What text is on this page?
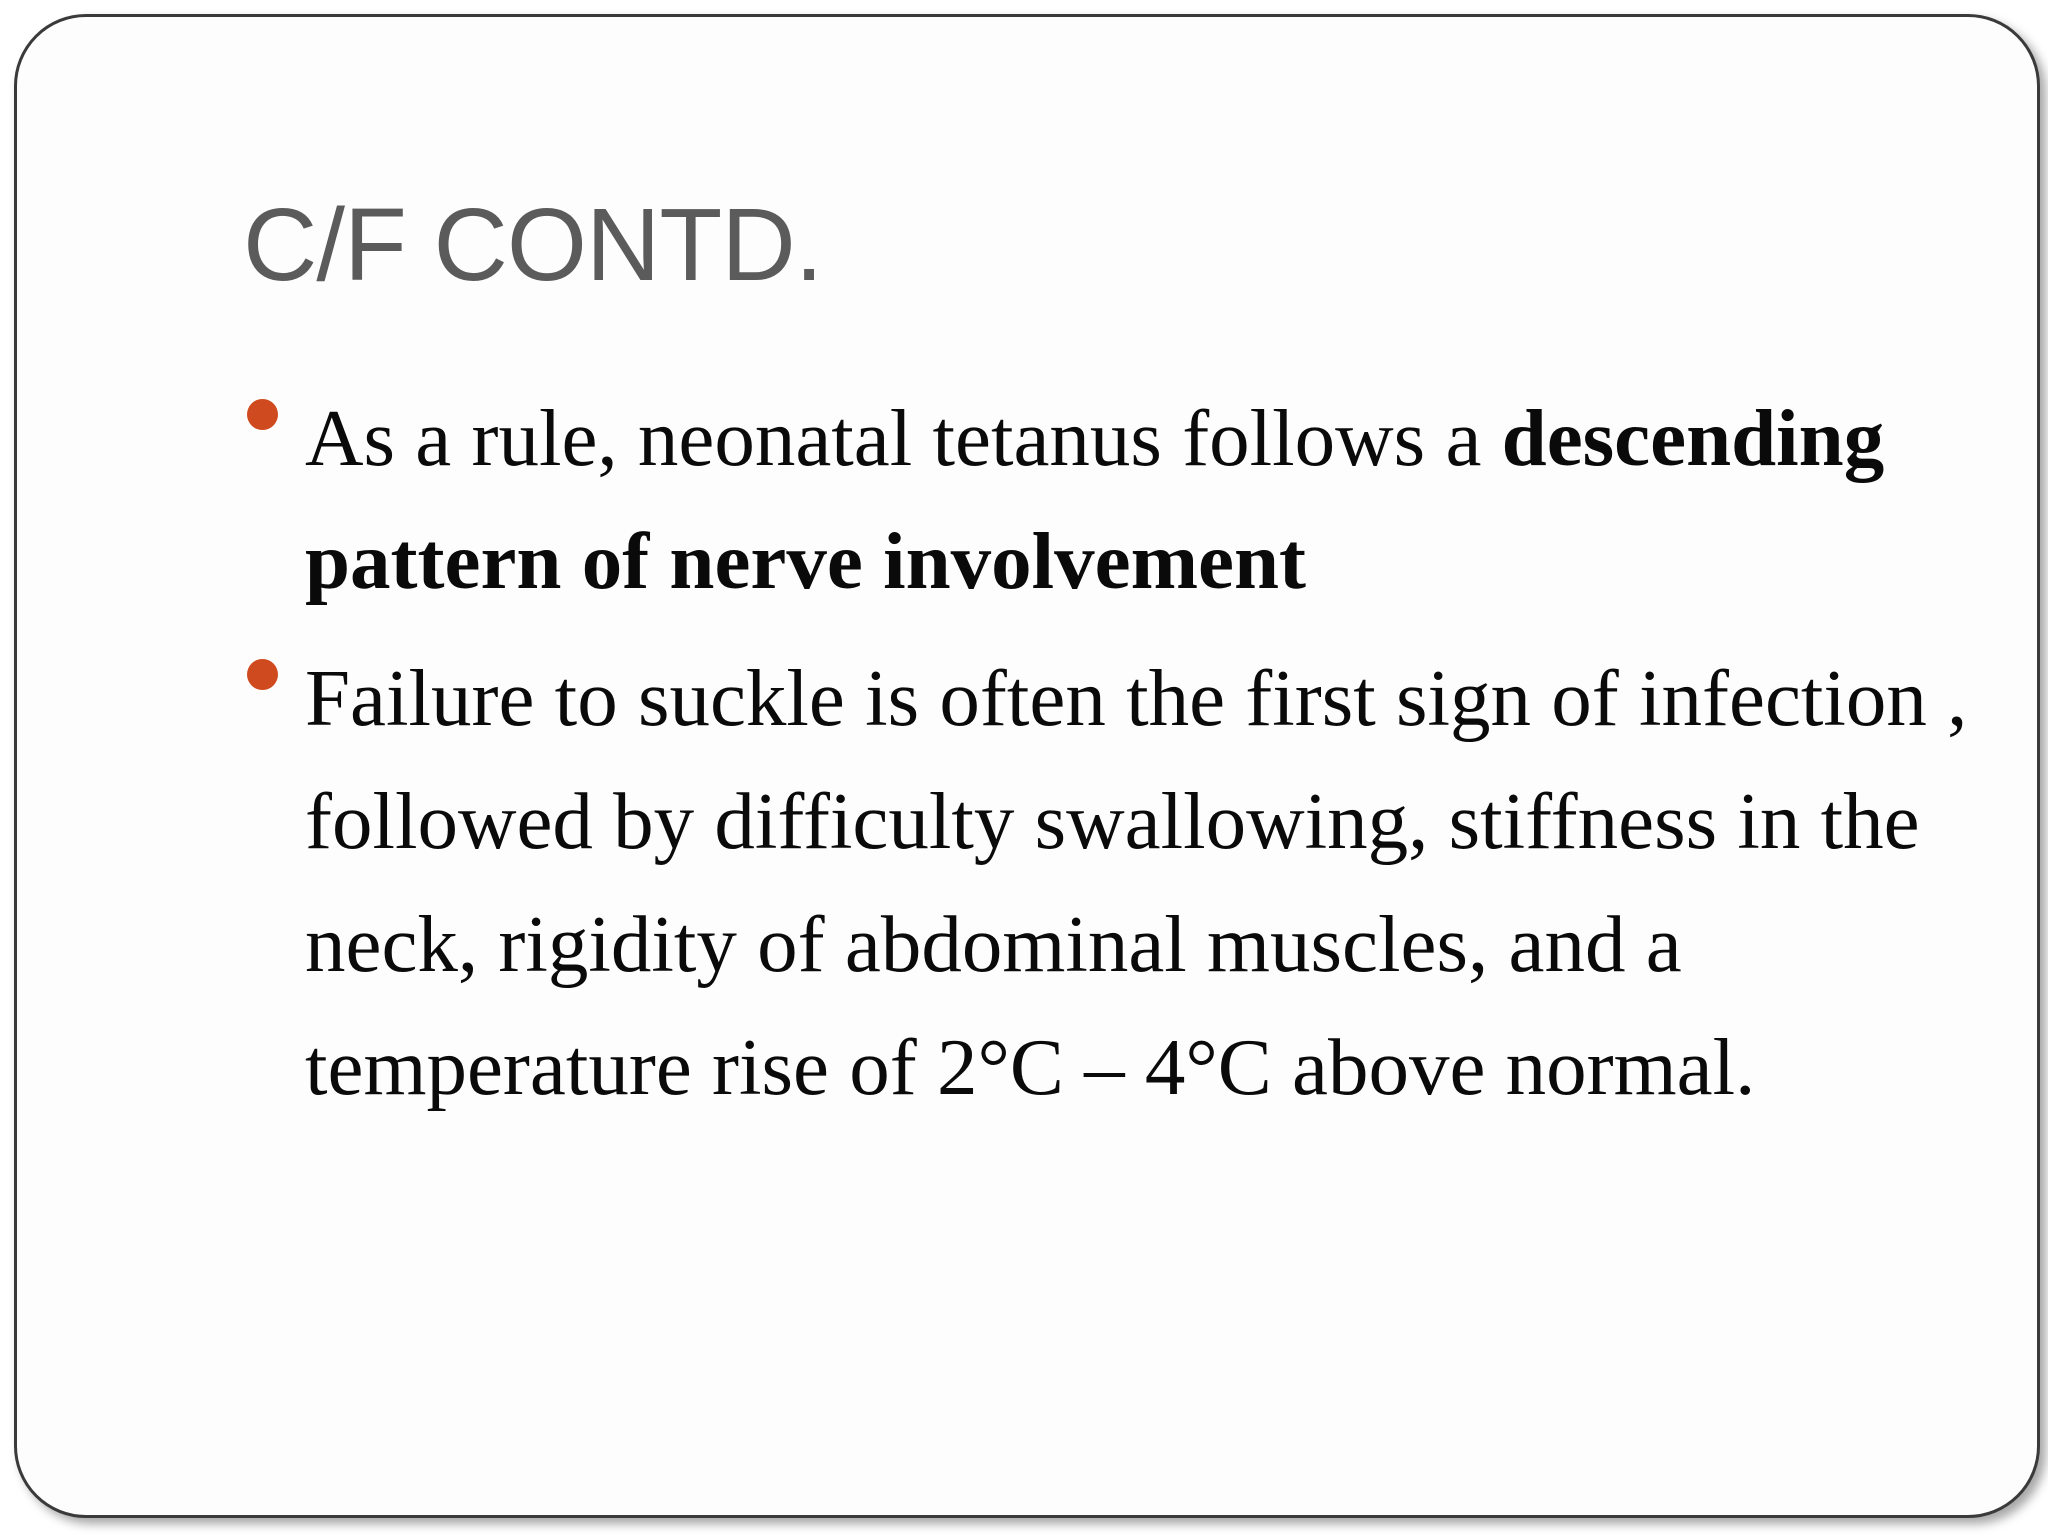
C/F CONTD.
As a rule, neonatal tetanus follows a descending pattern of nerve involvement
Failure to suckle is often the first sign of infection , followed by difficulty swallowing, stiffness in the neck, rigidity of abdominal muscles, and a temperature rise of 2°C – 4°C above normal.
